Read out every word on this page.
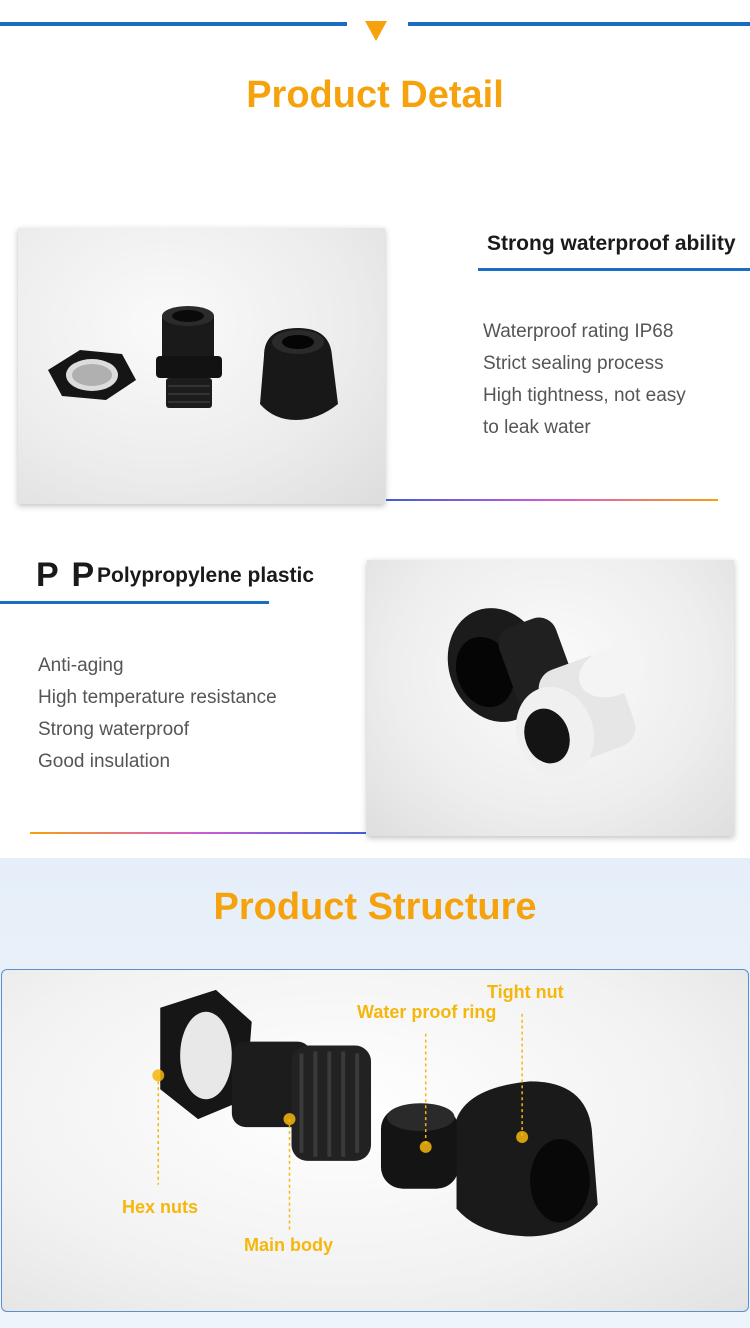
Product Detail
Strong waterproof ability
Waterproof rating IP68
Strict sealing process
High tightness, not easy
to leak water
P P Polypropylene plastic
Anti-aging
High temperature resistance
Strong waterproof
Good insulation
Product Structure
Tight nut
Water proof ring
Hex nuts
Main body
